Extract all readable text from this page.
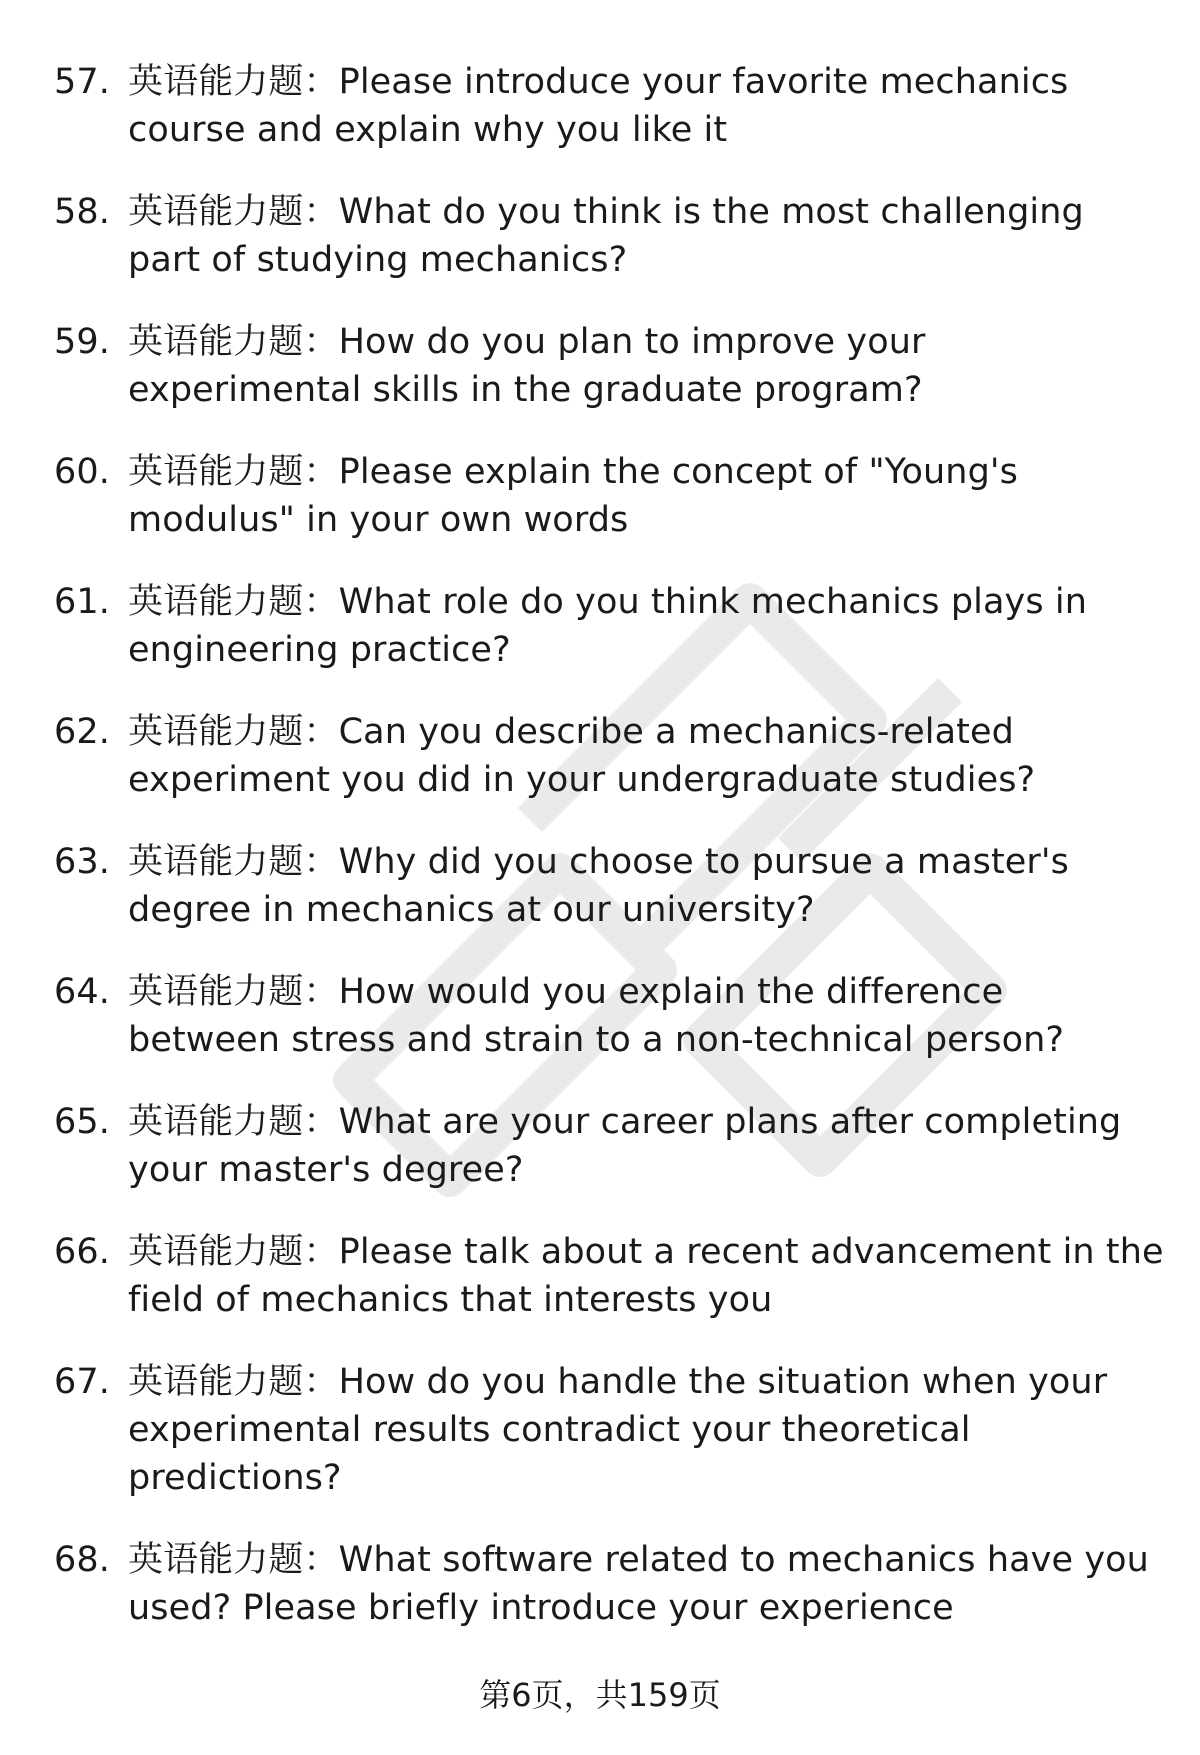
57. 英语能力题：Please introduce your favorite mechanics course and explain why you like it
58. 英语能力题：What do you think is the most challenging part of studying mechanics?
59. 英语能力题：How do you plan to improve your experimental skills in the graduate program?
60. 英语能力题：Please explain the concept of "Young's modulus" in your own words
61. 英语能力题：What role do you think mechanics plays in engineering practice?
62. 英语能力题：Can you describe a mechanics-related experiment you did in your undergraduate studies?
63. 英语能力题：Why did you choose to pursue a master's degree in mechanics at our university?
64. 英语能力题：How would you explain the difference between stress and strain to a non-technical person?
65. 英语能力题：What are your career plans after completing your master's degree?
66. 英语能力题：Please talk about a recent advancement in the field of mechanics that interests you
67. 英语能力题：How do you handle the situation when your experimental results contradict your theoretical predictions?
68. 英语能力题：What software related to mechanics have you used? Please briefly introduce your experience
第6页，共159页
